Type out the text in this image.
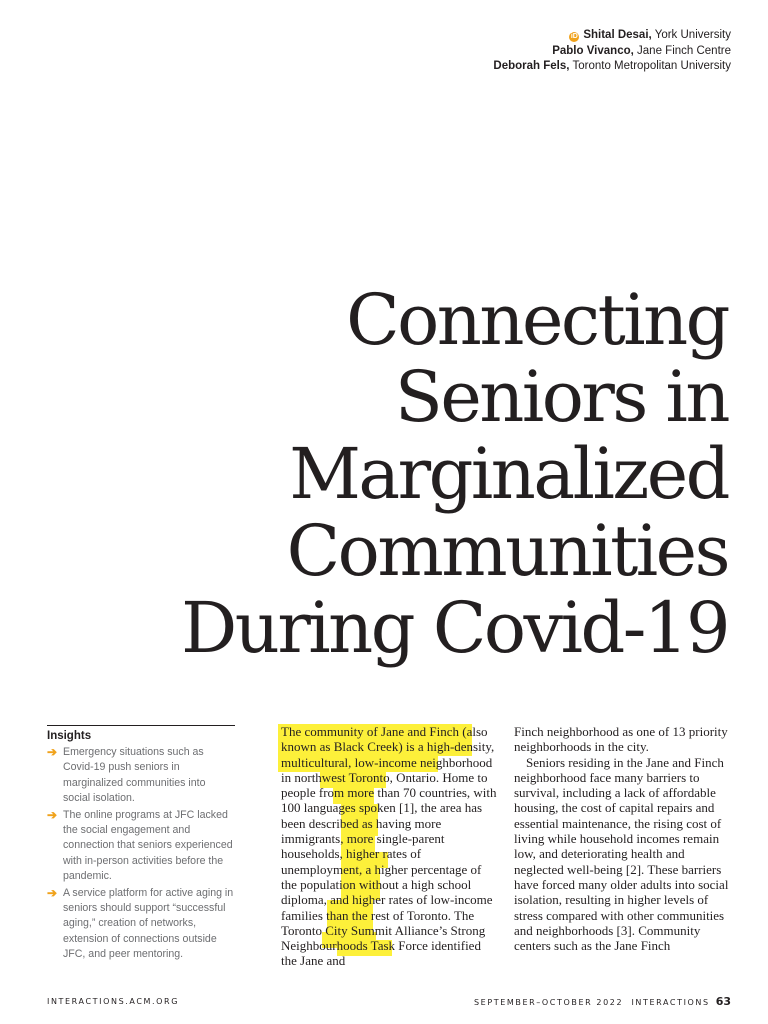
iD Shital Desai, York University
Pablo Vivanco, Jane Finch Centre
Deborah Fels, Toronto Metropolitan University
Connecting
Seniors in
Marginalized
Communities
During Covid-19
Insights
➔ Emergency situations such as Covid-19 push seniors in marginalized communities into social isolation.
➔ The online programs at JFC lacked the social engagement and connection that seniors experienced with in-person activities before the pandemic.
➔ A service platform for active aging in seniors should support “successful aging,” creation of networks, extension of connections outside JFC, and peer mentoring.

The community of Jane and Finch (also known as Black Creek) is a high-density, multicultural, low-income neighborhood in northwest Toronto, Ontario. Home to people from more than 70 countries, with 100 languages spoken [1], the area has been described as having more immigrants, more single-parent households, higher rates of unemployment, a higher percentage of the population without a high school diploma, and higher rates of low-income families than the rest of Toronto. The Toronto City Summit Alliance’s Strong Neighbourhoods Task Force identified the Jane and

Finch neighborhood as one of 13 priority neighborhoods in the city.

Seniors residing in the Jane and Finch neighborhood face many barriers to survival, including a lack of affordable housing, the cost of capital repairs and essential maintenance, the rising cost of living while household incomes remain low, and deteriorating health and neglected well-being [2]. These barriers have forced many older adults into social isolation, resulting in higher levels of stress compared with other communities and neighborhoods [3]. Community centers such as the Jane Finch

INTERACTIONS.ACM.ORG	SEPTEMBER–OCTOBER 2022  INTERACTIONS 63
